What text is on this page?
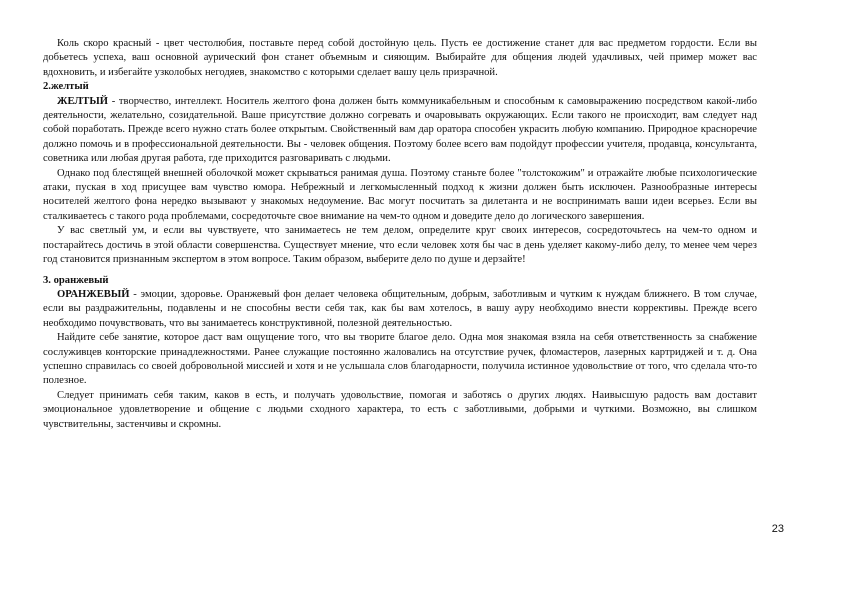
Коль скоро красный - цвет честолюбия, поставьте перед собой достойную цель. Пусть ее достижение станет для вас предметом гордости. Если вы добьетесь успеха, ваш основной аурический фон станет объемным и сияющим. Выбирайте для общения людей удачливых, чей пример может вас вдохновить, и избегайте узколобых негодяев, знакомство с которыми сделает вашу цель призрачной.

2.желтый

ЖЕЛТЫЙ - творчество, интеллект. Носитель желтого фона должен быть коммуникабельным и способным к самовыражению посредством какой-либо деятельности, желательно, созидательной. Ваше присутствие должно согревать и очаровывать окружающих. Если такого не происходит, вам следует над собой поработать. Прежде всего нужно стать более открытым. Свойственный вам дар оратора способен украсить любую компанию. Природное красноречие должно помочь и в профессиональной деятельности. Вы - человек общения. Поэтому более всего вам подойдут профессии учителя, продавца, консультанта, советника или любая другая работа, где приходится разговаривать с людьми.

Однако под блестящей внешней оболочкой может скрываться ранимая душа. Поэтому станьте более "толстокожим" и отражайте любые психологические атаки, пуская в ход присущее вам чувство юмора. Небрежный и легкомысленный подход к жизни должен быть исключен. Разнообразные интересы носителей желтого фона нередко вызывают у знакомых недоумение. Вас могут посчитать за дилетанта и не воспринимать ваши идеи всерьез. Если вы сталкиваетесь с такого рода проблемами, сосредоточьте свое внимание на чем-то одном и доведите дело до логического завершения.

У вас светлый ум, и если вы чувствуете, что занимаетесь не тем делом, определите круг своих интересов, сосредоточьтесь на чем-то одном и постарайтесь достичь в этой области совершенства. Существует мнение, что если человек хотя бы час в день уделяет какому-либо делу, то менее чем через год становится признанным экспертом в этом вопросе. Таким образом, выберите дело по душе и дерзайте!

3. оранжевый

ОРАНЖЕВЫЙ - эмоции, здоровье. Оранжевый фон делает человека общительным, добрым, заботливым и чутким к нуждам ближнего. В том случае, если вы раздражительны, подавлены и не способны вести себя так, как бы вам хотелось, в вашу ауру необходимо внести коррективы. Прежде всего необходимо почувствовать, что вы занимаетесь конструктивной, полезной деятельностью.

Найдите себе занятие, которое даст вам ощущение того, что вы творите благое дело. Одна моя знакомая взяла на себя ответственность за снабжение сослуживцев конторские принадлежностями. Ранее служащие постоянно жаловались на отсутствие ручек, фломастеров, лазерных картриджей и т. д. Она успешно справилась со своей добровольной миссией и хотя и не услышала слов благодарности, получила истинное удовольствие от того, что сделала что-то полезное.

Следует принимать себя таким, каков в есть, и получать удовольствие, помогая и заботясь о других людях. Наивысшую радость вам доставит эмоциональное удовлетворение и общение с людьми сходного характера, то есть с заботливыми, добрыми и чуткими. Возможно, вы слишком чувствительны, застенчивы и скромны.

23
